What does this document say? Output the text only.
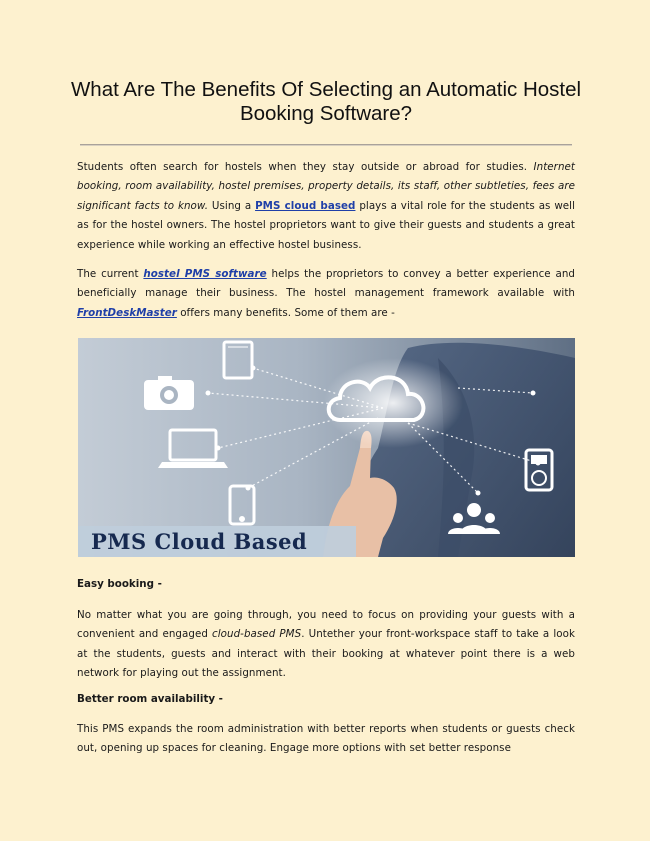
What Are The Benefits Of Selecting an Automatic Hostel Booking Software?

Students often search for hostels when they stay outside or abroad for studies. Internet booking, room availability, hostel premises, property details, its staff, other subtleties, fees are significant facts to know. Using a PMS cloud based plays a vital role for the students as well as for the hostel owners. The hostel proprietors want to give their guests and students a great experience while working an effective hostel business.

The current hostel PMS software helps the proprietors to convey a better experience and beneficially manage their business. The hostel management framework available with FrontDeskMaster offers many benefits. Some of them are -

PMS Cloud Based

Easy booking -

No matter what you are going through, you need to focus on providing your guests with a convenient and engaged cloud-based PMS. Untether your front-workspace staff to take a look at the students, guests and interact with their booking at whatever point there is a web network for playing out the assignment.

Better room availability -

This PMS expands the room administration with better reports when students or guests check out, opening up spaces for cleaning. Engage more options with set better response
